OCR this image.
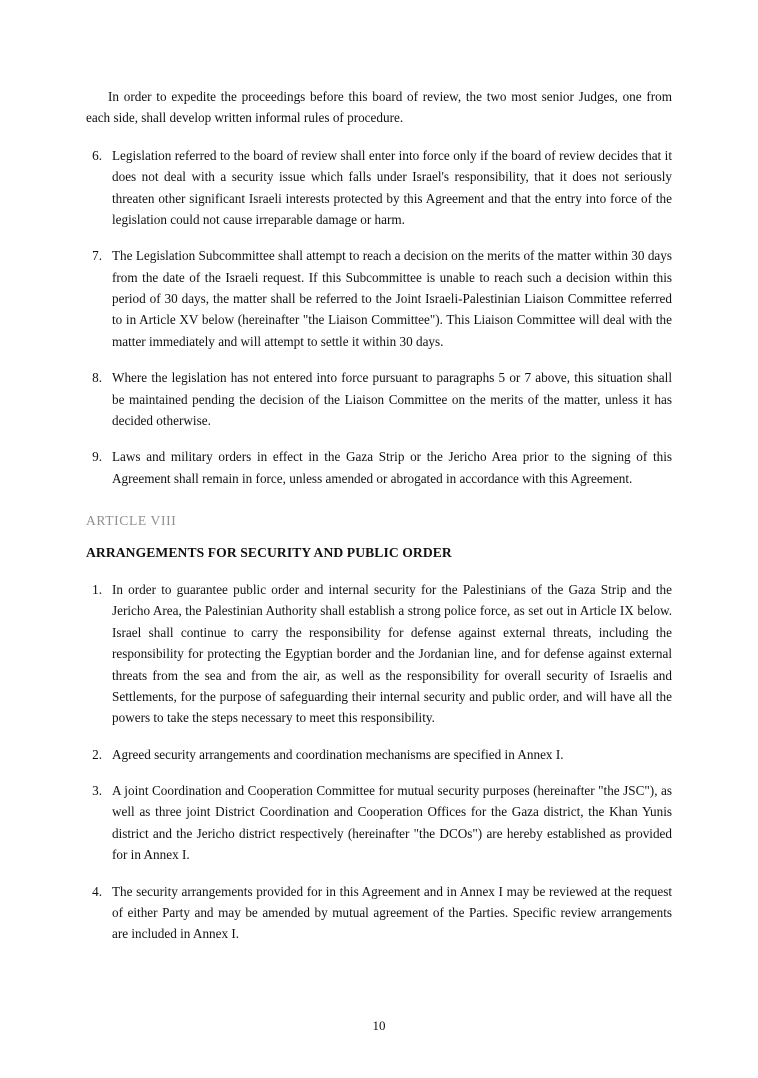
In order to expedite the proceedings before this board of review, the two most senior Judges, one from each side, shall develop written informal rules of procedure.

6. Legislation referred to the board of review shall enter into force only if the board of review decides that it does not deal with a security issue which falls under Israel's responsibility, that it does not seriously threaten other significant Israeli interests protected by this Agreement and that the entry into force of the legislation could not cause irreparable damage or harm.
7. The Legislation Subcommittee shall attempt to reach a decision on the merits of the matter within 30 days from the date of the Israeli request. If this Subcommittee is unable to reach such a decision within this period of 30 days, the matter shall be referred to the Joint Israeli-Palestinian Liaison Committee referred to in Article XV below (hereinafter "the Liaison Committee"). This Liaison Committee will deal with the matter immediately and will attempt to settle it within 30 days.
8. Where the legislation has not entered into force pursuant to paragraphs 5 or 7 above, this situation shall be maintained pending the decision of the Liaison Committee on the merits of the matter, unless it has decided otherwise.
9. Laws and military orders in effect in the Gaza Strip or the Jericho Area prior to the signing of this Agreement shall remain in force, unless amended or abrogated in accordance with this Agreement.
ARTICLE VIII
ARRANGEMENTS FOR SECURITY AND PUBLIC ORDER
1. In order to guarantee public order and internal security for the Palestinians of the Gaza Strip and the Jericho Area, the Palestinian Authority shall establish a strong police force, as set out in Article IX below. Israel shall continue to carry the responsibility for defense against external threats, including the responsibility for protecting the Egyptian border and the Jordanian line, and for defense against external threats from the sea and from the air, as well as the responsibility for overall security of Israelis and Settlements, for the purpose of safeguarding their internal security and public order, and will have all the powers to take the steps necessary to meet this responsibility.
2. Agreed security arrangements and coordination mechanisms are specified in Annex I.
3. A joint Coordination and Cooperation Committee for mutual security purposes (hereinafter "the JSC"), as well as three joint District Coordination and Cooperation Offices for the Gaza district, the Khan Yunis district and the Jericho district respectively (hereinafter "the DCOs") are hereby established as provided for in Annex I.
4. The security arrangements provided for in this Agreement and in Annex I may be reviewed at the request of either Party and may be amended by mutual agreement of the Parties. Specific review arrangements are included in Annex I.
10
